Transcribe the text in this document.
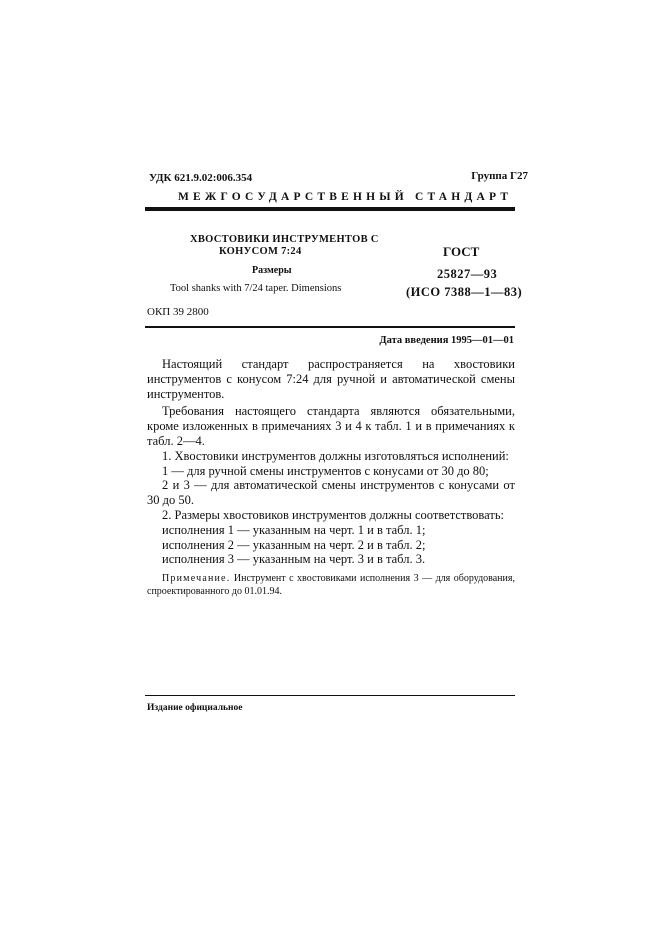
УДК 621.9.02:006.354	Группа Г27
МЕЖГОСУДАРСТВЕННЫЙ СТАНДАРТ
ХВОСТОВИКИ ИНСТРУМЕНТОВ С
КОНУСОМ 7:24
Размеры
Tool shanks with 7/24 taper. Dimensions
ГОСТ
25827—93
(ИСО 7388—1—83)
ОКП 39 2800
Дата введения 1995—01—01

Настоящий стандарт распространяется на хвостовики инструментов с конусом 7:24 для ручной и автоматической смены инструментов.

Требования настоящего стандарта являются обязательными, кроме изложенных в примечаниях 3 и 4 к табл. 1 и в примечаниях к табл. 2—4.

1. Хвостовики инструментов должны изготовляться исполнений:

1 — для ручной смены инструментов с конусами от 30 до 80;

2 и 3 — для автоматической смены инструментов с конусами от 30 до 50.

2. Размеры хвостовиков инструментов должны соответствовать:

исполнения 1 — указанным на черт. 1 и в табл. 1;

исполнения 2 — указанным на черт. 2 и в табл. 2;

исполнения 3 — указанным на черт. 3 и в табл. 3.

Примечание. Инструмент с хвостовиками исполнения 3 — для оборудования, спроектированного до 01.01.94.

Издание официальное
